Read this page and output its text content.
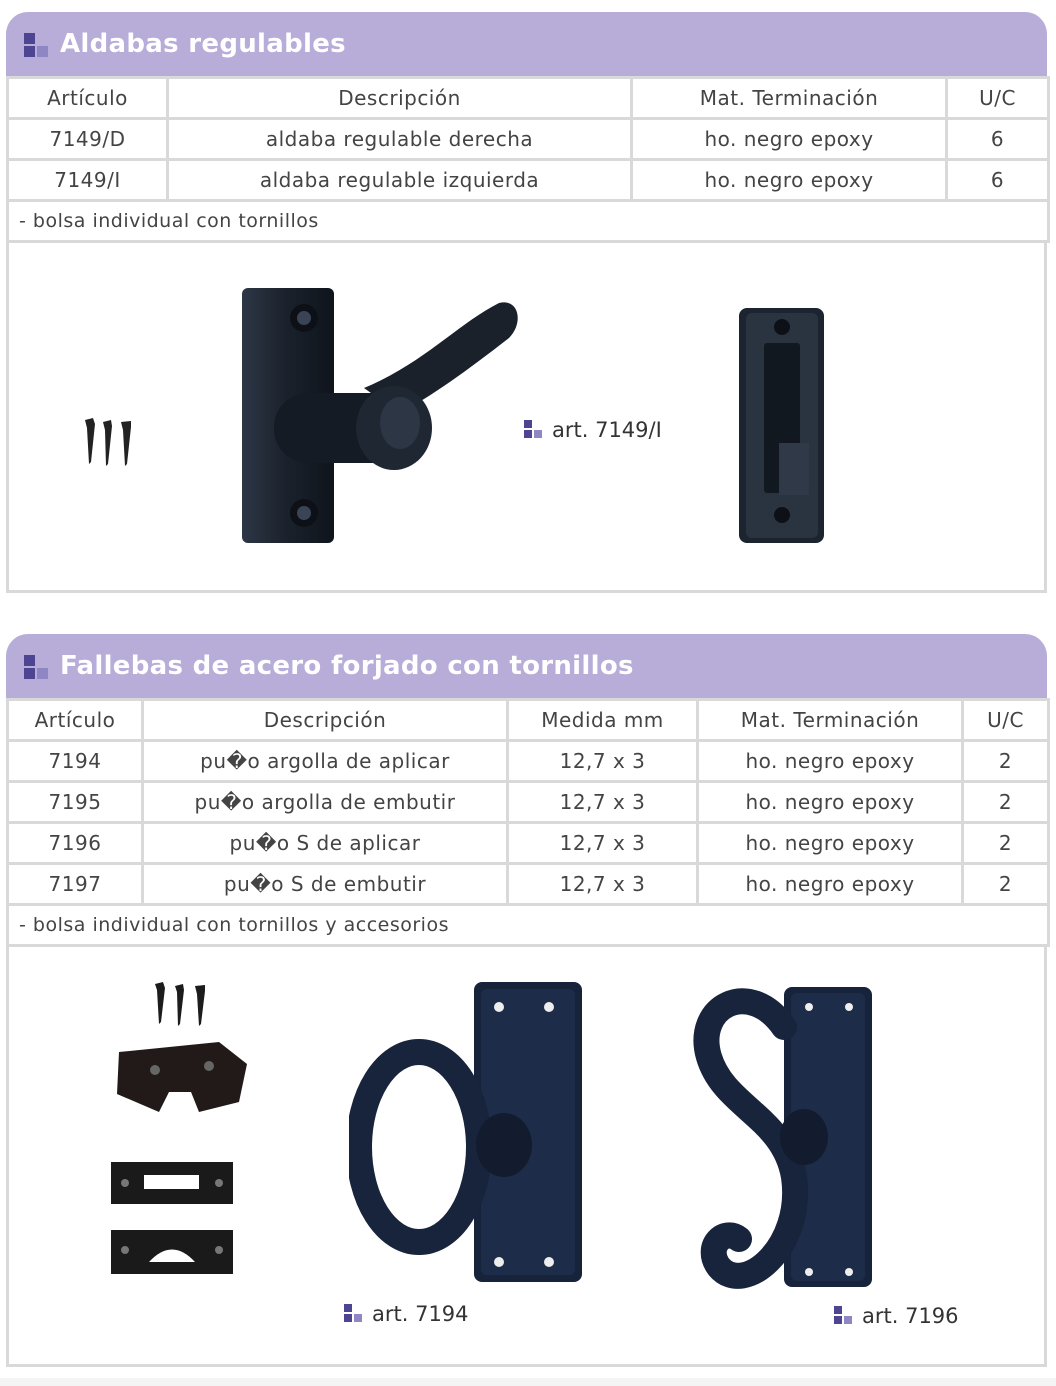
Aldabas regulables
Artículo	Descripción	Mat. Terminación	U/C
7149/D	aldaba regulable derecha	ho. negro epoxy	6
7149/I	aldaba regulable izquierda	ho. negro epoxy	6
- bolsa individual con tornillos			
art. 7149/I
Fallebas de acero forjado con tornillos
Artículo	Descripción	Medida mm	Mat. Terminación	U/C
7194	pu�o argolla de aplicar	12,7 x 3	ho. negro epoxy	2
7195	pu�o argolla de embutir	12,7 x 3	ho. negro epoxy	2
7196	pu�o S de aplicar	12,7 x 3	ho. negro epoxy	2
7197	pu�o S de embutir	12,7 x 3	ho. negro epoxy	2
- bolsa individual con tornillos y accesorios				
art. 7194	art. 7196
